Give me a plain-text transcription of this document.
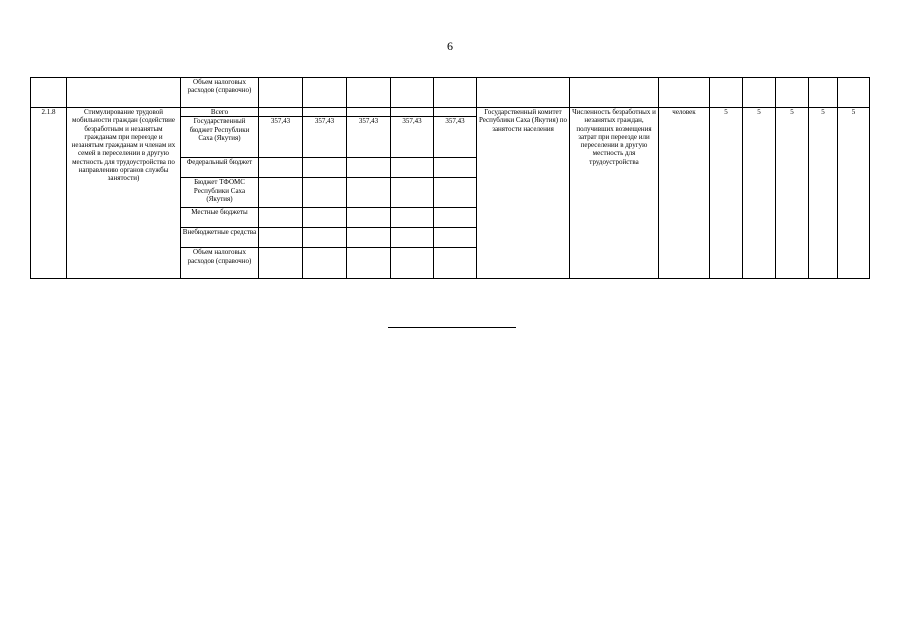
6
		Объем налоговых расходов (справочно)													
2.1.8	Стимулирование трудовой мобильности граждан (содействие безработным и незанятым гражданам при переезде и незанятым гражданам и членам их семей в переселении в другую местность для трудоустройства по направлению органов службы занятости)	Всего						Государственный комитет Республики Саха (Якутия) по занятости населения	Численность безработных и незанятых граждан, получивших возмещения затрат при переезде или переселении в другую местность для трудоустройства	человек	5	5	5	5	5
		Государственный бюджет Республики Саха (Якутия)	357,43	357,43	357,43	357,43	357,43								
		Федеральный бюджет													
		Бюджет ТФОМС Республики Саха (Якутия)													
		Местные бюджеты													
		Внебюджетные средства													
		Объем налоговых расходов (справочно)													
